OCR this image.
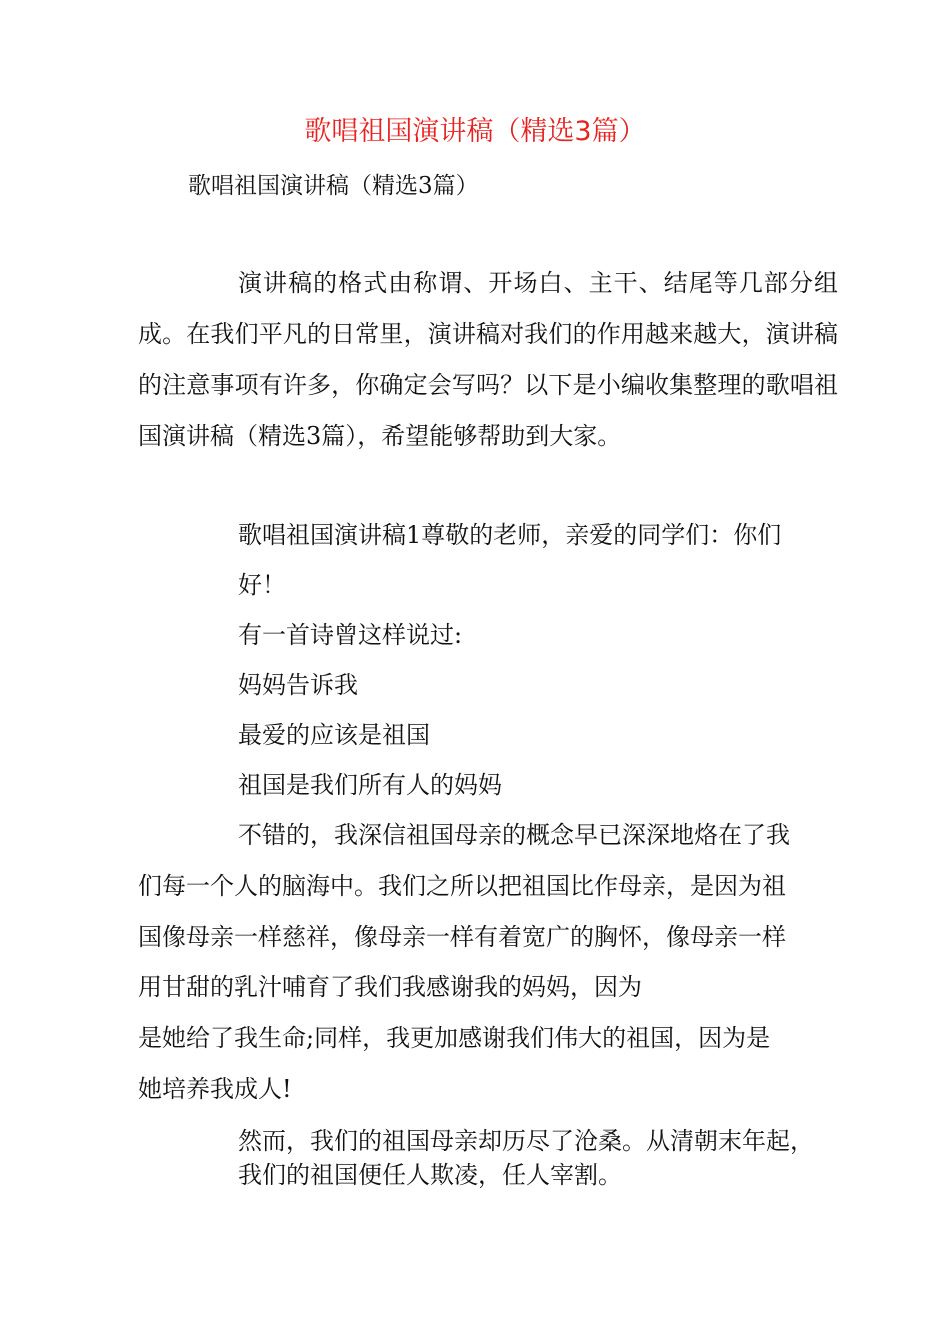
歌唱祖国演讲稿（精选3篇）

歌唱祖国演讲稿（精选3篇）

演讲稿的格式由称谓、开场白、主干、结尾等几部分组成。在我们平凡的日常里，演讲稿对我们的作用越来越大，演讲稿的注意事项有许多，你确定会写吗？以下是小编收集整理的歌唱祖国演讲稿（精选3篇），希望能够帮助到大家。

歌唱祖国演讲稿1尊敬的老师，亲爱的同学们：你们

好！

有一首诗曾这样说过:

妈妈告诉我

最爱的应该是祖国

祖国是我们所有人的妈妈

不错的，我深信祖国母亲的概念早已深深地烙在了我

们每一个人的脑海中。我们之所以把祖国比作母亲，是因为祖

国像母亲一样慈祥，像母亲一样有着宽广的胸怀，像母亲一样

用甘甜的乳汁哺育了我们我感谢我的妈妈，因为

是她给了我生命;同样，我更加感谢我们伟大的祖国，因为是

她培养我成人!

然而，我们的祖国母亲却历尽了沧桑。从清朝末年起，

我们的祖国便任人欺凌，任人宰割。
